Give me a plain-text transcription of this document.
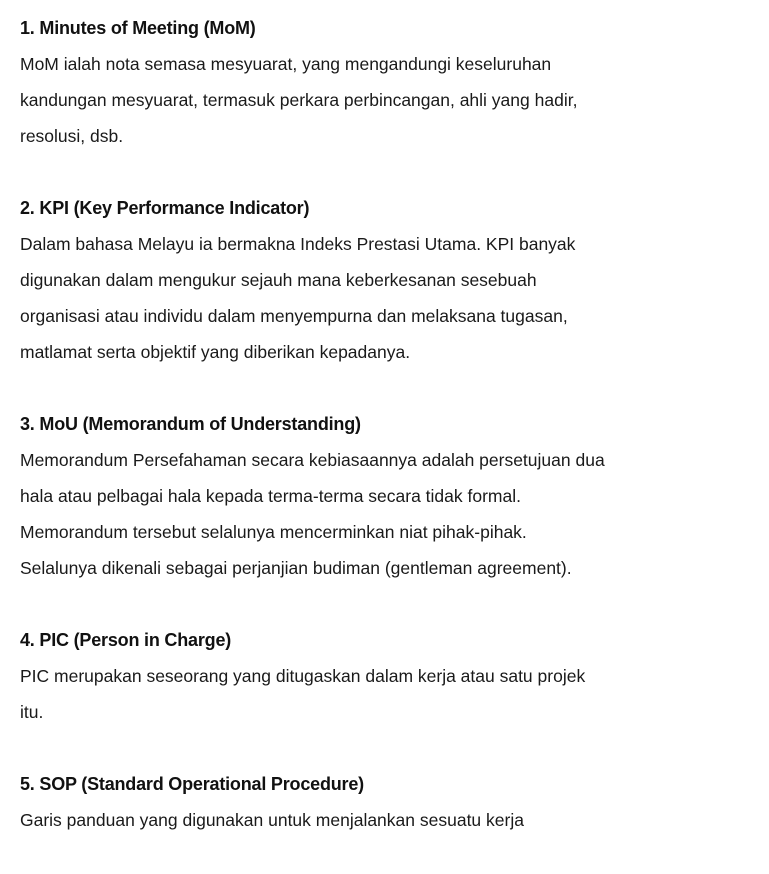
1. Minutes of Meeting (MoM)
MoM ialah nota semasa mesyuarat, yang mengandungi keseluruhan
kandungan mesyuarat, termasuk perkara perbincangan, ahli yang hadir,
resolusi, dsb.
2. KPI (Key Performance Indicator)
Dalam bahasa Melayu ia bermakna Indeks Prestasi Utama. KPI banyak
digunakan dalam mengukur sejauh mana keberkesanan sesebuah
organisasi atau individu dalam menyempurna dan melaksana tugasan,
matlamat serta objektif yang diberikan kepadanya.
3. MoU (Memorandum of Understanding)
Memorandum Persefahaman secara kebiasaannya adalah persetujuan dua
hala atau pelbagai hala kepada terma-terma secara tidak formal.
Memorandum tersebut selalunya mencerminkan niat pihak-pihak.
Selalunya dikenali sebagai perjanjian budiman (gentleman agreement).
4. PIC (Person in Charge)
PIC merupakan seseorang yang ditugaskan dalam kerja atau satu projek
itu.
5. SOP (Standard Operational Procedure)
Garis panduan yang digunakan untuk menjalankan sesuatu kerja
